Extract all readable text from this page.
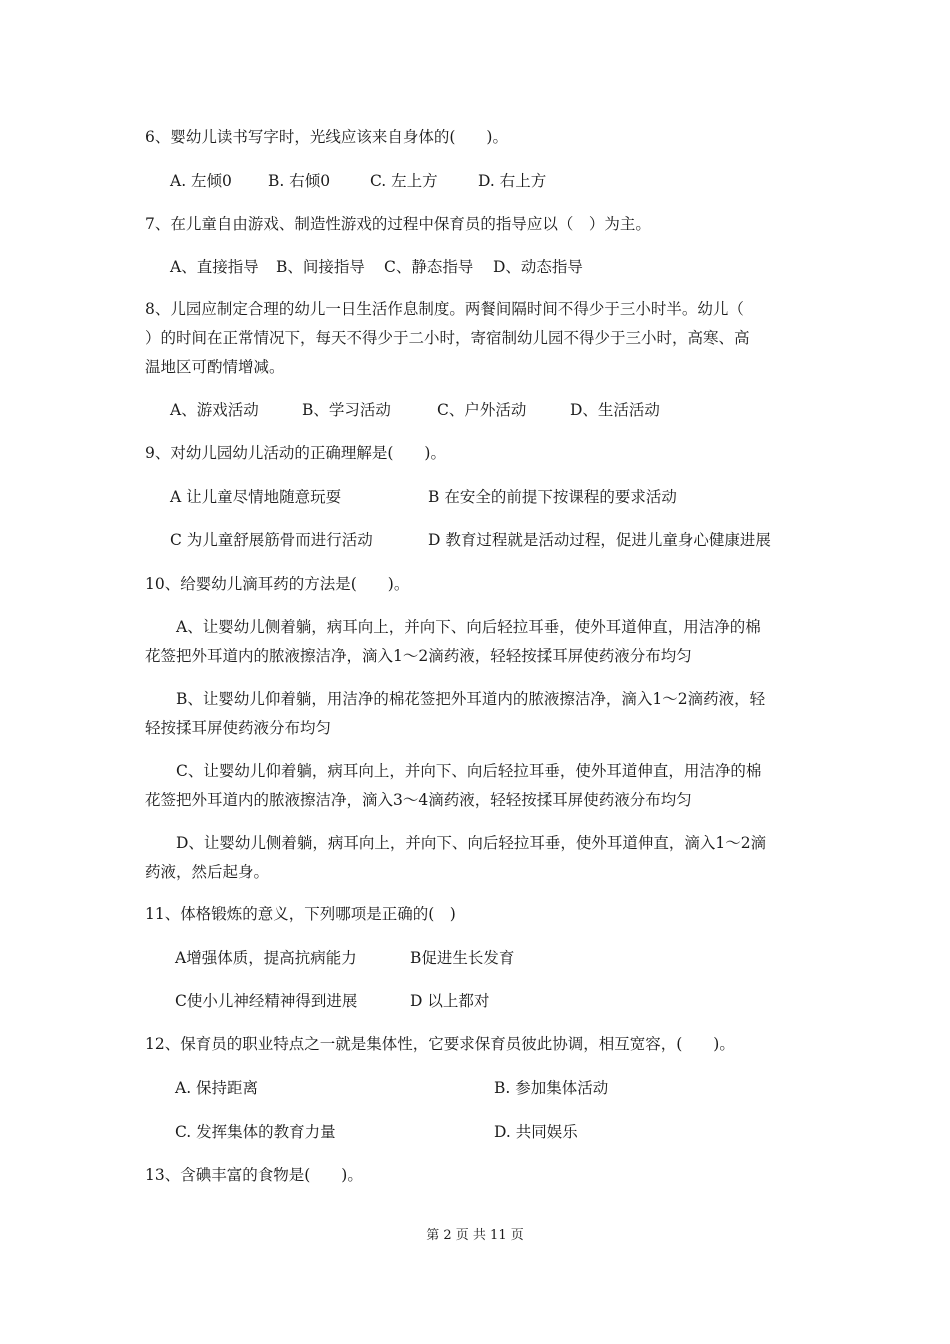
6、婴幼儿读书写字时，光线应该来自身体的(　　)。
A. 左倾0 B. 右倾0	C. 左上方	D. 右上方
7、在儿童自由游戏、制造性游戏的过程中保育员的指导应以（　）为主。
A、直接指导 B、间接指导 C、静态指导 D、动态指导
8、儿园应制定合理的幼儿一日生活作息制度。两餐间隔时间不得少于三小时半。幼儿（
）的时间在正常情况下，每天不得少于二小时，寄宿制幼儿园不得少于三小时，高寒、高
温地区可酌情增减。
A、游戏活动	B、学习活动	C、户外活动	D、生活活动
9、对幼儿园幼儿活动的正确理解是(　　)。
A 让儿童尽情地随意玩耍	B 在安全的前提下按课程的要求活动
C 为儿童舒展筋骨而进行活动	D 教育过程就是活动过程，促进儿童身心健康进展
10、给婴幼儿滴耳药的方法是(　　)。
A、让婴幼儿侧着躺，病耳向上，并向下、向后轻拉耳垂，使外耳道伸直，用洁净的棉
花签把外耳道内的脓液擦洁净，滴入1～2滴药液，轻轻按揉耳屏使药液分布均匀
B、让婴幼儿仰着躺，用洁净的棉花签把外耳道内的脓液擦洁净，滴入1～2滴药液，轻
轻按揉耳屏使药液分布均匀
C、让婴幼儿仰着躺，病耳向上，并向下、向后轻拉耳垂，使外耳道伸直，用洁净的棉
花签把外耳道内的脓液擦洁净，滴入3～4滴药液，轻轻按揉耳屏使药液分布均匀
D、让婴幼儿侧着躺，病耳向上，并向下、向后轻拉耳垂，使外耳道伸直，滴入1～2滴
药液，然后起身。
11、体格锻炼的意义，下列哪项是正确的(　)
A增强体质，提高抗病能力	B促进生长发育
C使小儿神经精神得到进展	D 以上都对
12、保育员的职业特点之一就是集体性，它要求保育员彼此协调，相互宽容，(　　)。
A. 保持距离	B. 参加集体活动
C. 发挥集体的教育力量	D. 共同娱乐
13、含碘丰富的食物是(　　)。
第 2 页 共 11 页
